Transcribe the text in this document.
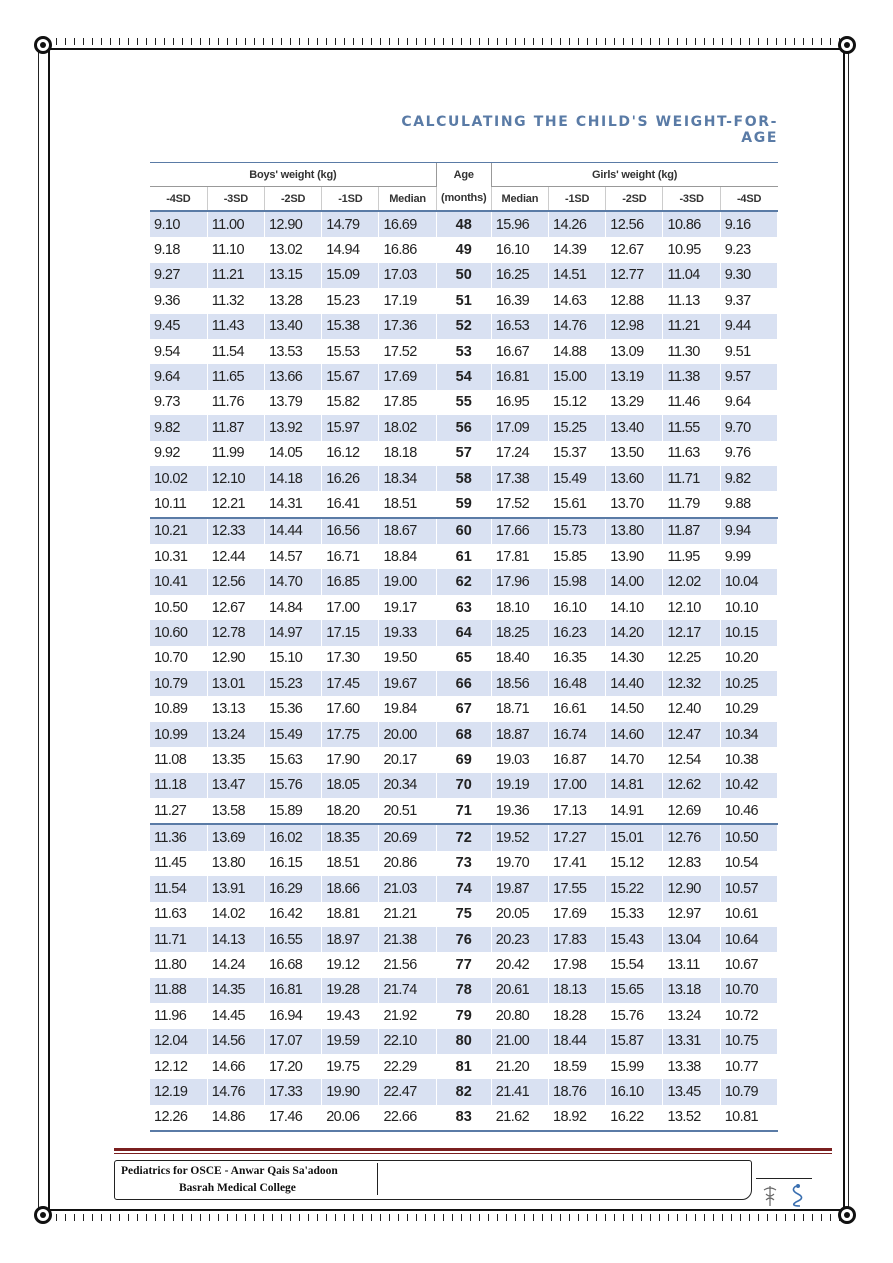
CALCULATING THE CHILD'S WEIGHT-FOR-AGE
Boys' weight (kg)					Age	Girls' weight (kg)				
-4SD	-3SD	-2SD	-1SD	Median	(months)	Median	-1SD	-2SD	-3SD	-4SD
9.10	11.00	12.90	14.79	16.69	48	15.96	14.26	12.56	10.86	9.16
9.18	11.10	13.02	14.94	16.86	49	16.10	14.39	12.67	10.95	9.23
9.27	11.21	13.15	15.09	17.03	50	16.25	14.51	12.77	11.04	9.30
9.36	11.32	13.28	15.23	17.19	51	16.39	14.63	12.88	11.13	9.37
9.45	11.43	13.40	15.38	17.36	52	16.53	14.76	12.98	11.21	9.44
9.54	11.54	13.53	15.53	17.52	53	16.67	14.88	13.09	11.30	9.51
9.64	11.65	13.66	15.67	17.69	54	16.81	15.00	13.19	11.38	9.57
9.73	11.76	13.79	15.82	17.85	55	16.95	15.12	13.29	11.46	9.64
9.82	11.87	13.92	15.97	18.02	56	17.09	15.25	13.40	11.55	9.70
9.92	11.99	14.05	16.12	18.18	57	17.24	15.37	13.50	11.63	9.76
10.02	12.10	14.18	16.26	18.34	58	17.38	15.49	13.60	11.71	9.82
10.11	12.21	14.31	16.41	18.51	59	17.52	15.61	13.70	11.79	9.88
10.21	12.33	14.44	16.56	18.67	60	17.66	15.73	13.80	11.87	9.94
10.31	12.44	14.57	16.71	18.84	61	17.81	15.85	13.90	11.95	9.99
10.41	12.56	14.70	16.85	19.00	62	17.96	15.98	14.00	12.02	10.04
10.50	12.67	14.84	17.00	19.17	63	18.10	16.10	14.10	12.10	10.10
10.60	12.78	14.97	17.15	19.33	64	18.25	16.23	14.20	12.17	10.15
10.70	12.90	15.10	17.30	19.50	65	18.40	16.35	14.30	12.25	10.20
10.79	13.01	15.23	17.45	19.67	66	18.56	16.48	14.40	12.32	10.25
10.89	13.13	15.36	17.60	19.84	67	18.71	16.61	14.50	12.40	10.29
10.99	13.24	15.49	17.75	20.00	68	18.87	16.74	14.60	12.47	10.34
11.08	13.35	15.63	17.90	20.17	69	19.03	16.87	14.70	12.54	10.38
11.18	13.47	15.76	18.05	20.34	70	19.19	17.00	14.81	12.62	10.42
11.27	13.58	15.89	18.20	20.51	71	19.36	17.13	14.91	12.69	10.46
11.36	13.69	16.02	18.35	20.69	72	19.52	17.27	15.01	12.76	10.50
11.45	13.80	16.15	18.51	20.86	73	19.70	17.41	15.12	12.83	10.54
11.54	13.91	16.29	18.66	21.03	74	19.87	17.55	15.22	12.90	10.57
11.63	14.02	16.42	18.81	21.21	75	20.05	17.69	15.33	12.97	10.61
11.71	14.13	16.55	18.97	21.38	76	20.23	17.83	15.43	13.04	10.64
11.80	14.24	16.68	19.12	21.56	77	20.42	17.98	15.54	13.11	10.67
11.88	14.35	16.81	19.28	21.74	78	20.61	18.13	15.65	13.18	10.70
11.96	14.45	16.94	19.43	21.92	79	20.80	18.28	15.76	13.24	10.72
12.04	14.56	17.07	19.59	22.10	80	21.00	18.44	15.87	13.31	10.75
12.12	14.66	17.20	19.75	22.29	81	21.20	18.59	15.99	13.38	10.77
12.19	14.76	17.33	19.90	22.47	82	21.41	18.76	16.10	13.45	10.79
12.26	14.86	17.46	20.06	22.66	83	21.62	18.92	16.22	13.52	10.81
Pediatrics for OSCE - Anwar Qais Sa'adoon

Basrah Medical College
